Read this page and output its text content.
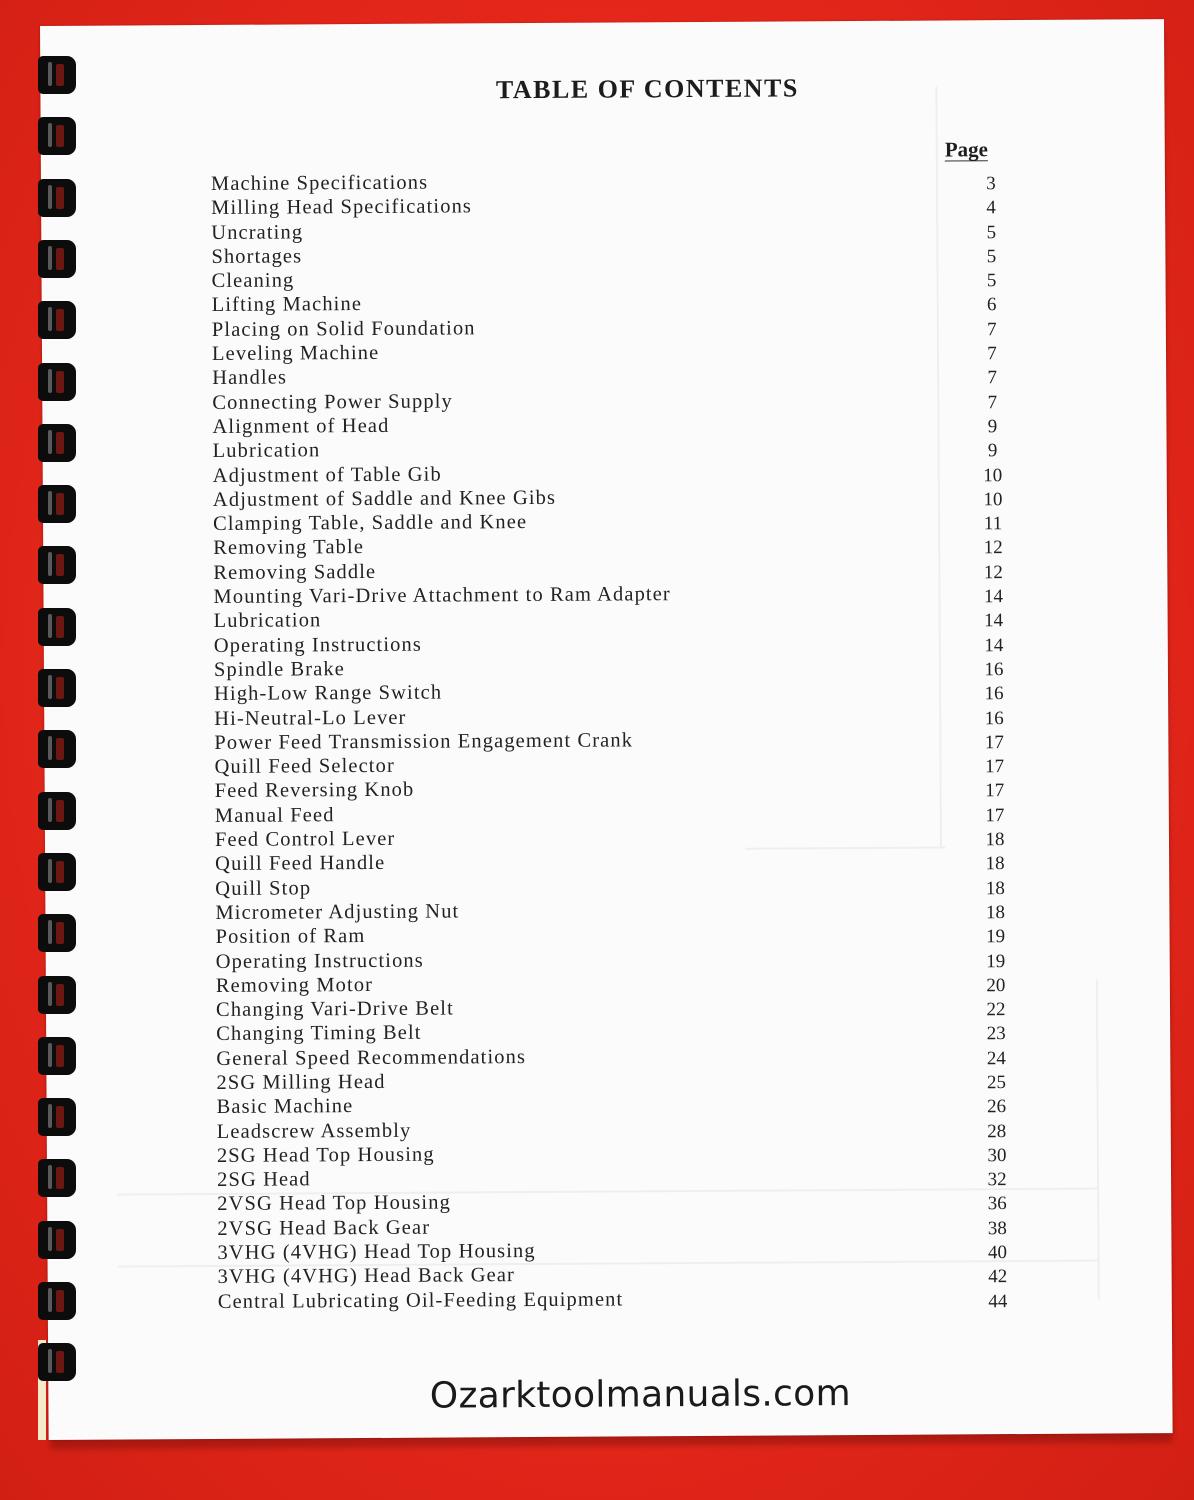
TABLE OF CONTENTS
Page
Machine Specifications	3
Milling Head Specifications	4
Uncrating	5
Shortages	5
Cleaning	5
Lifting Machine	6
Placing on Solid Foundation	7
Leveling Machine	7
Handles	7
Connecting Power Supply	7
Alignment of Head	9
Lubrication	9
Adjustment of Table Gib	10
Adjustment of Saddle and Knee Gibs	10
Clamping Table, Saddle and Knee	11
Removing Table	12
Removing Saddle	12
Mounting Vari-Drive Attachment to Ram Adapter	14
Lubrication	14
Operating Instructions	14
Spindle Brake	16
High-Low Range Switch	16
Hi-Neutral-Lo Lever	16
Power Feed Transmission Engagement Crank	17
Quill Feed Selector	17
Feed Reversing Knob	17
Manual Feed	17
Feed Control Lever	18
Quill Feed Handle	18
Quill Stop	18
Micrometer Adjusting Nut	18
Position of Ram	19
Operating Instructions	19
Removing Motor	20
Changing Vari-Drive Belt	22
Changing Timing Belt	23
General Speed Recommendations	24
2SG Milling Head	25
Basic Machine	26
Leadscrew Assembly	28
2SG Head Top Housing	30
2SG Head	32
2VSG Head Top Housing	36
2VSG Head Back Gear	38
3VHG (4VHG) Head Top Housing	40
3VHG (4VHG) Head Back Gear	42
Central Lubricating Oil-Feeding Equipment	44
Ozarktoolmanuals.com
